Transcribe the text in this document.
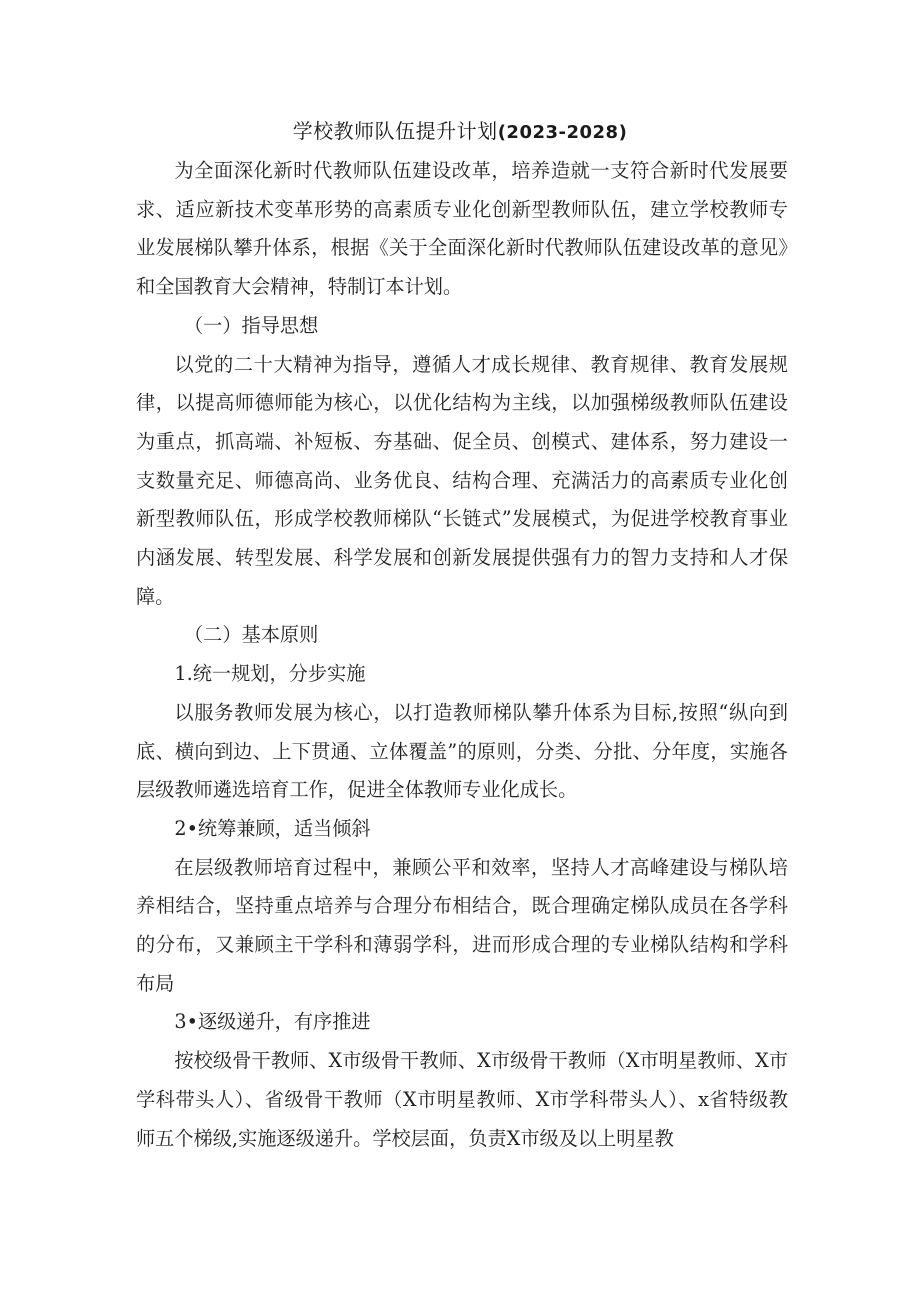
学校教师队伍提升计划(2023-2028)

为全面深化新时代教师队伍建设改革，培养造就一支符合新时代发展要求、适应新技术变革形势的高素质专业化创新型教师队伍，建立学校教师专业发展梯队攀升体系，根据《关于全面深化新时代教师队伍建设改革的意见》和全国教育大会精神，特制订本计划。

（一）指导思想

以党的二十大精神为指导，遵循人才成长规律、教育规律、教育发展规律，以提高师德师能为核心，以优化结构为主线，以加强梯级教师队伍建设为重点，抓高端、补短板、夯基础、促全员、创模式、建体系，努力建设一支数量充足、师德高尚、业务优良、结构合理、充满活力的高素质专业化创新型教师队伍，形成学校教师梯队“长链式”发展模式，为促进学校教育事业内涵发展、转型发展、科学发展和创新发展提供强有力的智力支持和人才保障。

（二）基本原则

1.统一规划，分步实施

以服务教师发展为核心，以打造教师梯队攀升体系为目标,按照“纵向到底、横向到边、上下贯通、立体覆盖”的原则，分类、分批、分年度，实施各层级教师遴选培育工作，促进全体教师专业化成长。

2•统筹兼顾，适当倾斜

在层级教师培育过程中，兼顾公平和效率，坚持人才高峰建设与梯队培养相结合，坚持重点培养与合理分布相结合，既合理确定梯队成员在各学科的分布，又兼顾主干学科和薄弱学科，进而形成合理的专业梯队结构和学科布局

3•逐级递升，有序推进

按校级骨干教师、X市级骨干教师、X市级骨干教师（X市明星教师、X市学科带头人）、省级骨干教师（X市明星教师、X市学科带头人）、x省特级教师五个梯级,实施逐级递升。学校层面，负责X市级及以上明星教
